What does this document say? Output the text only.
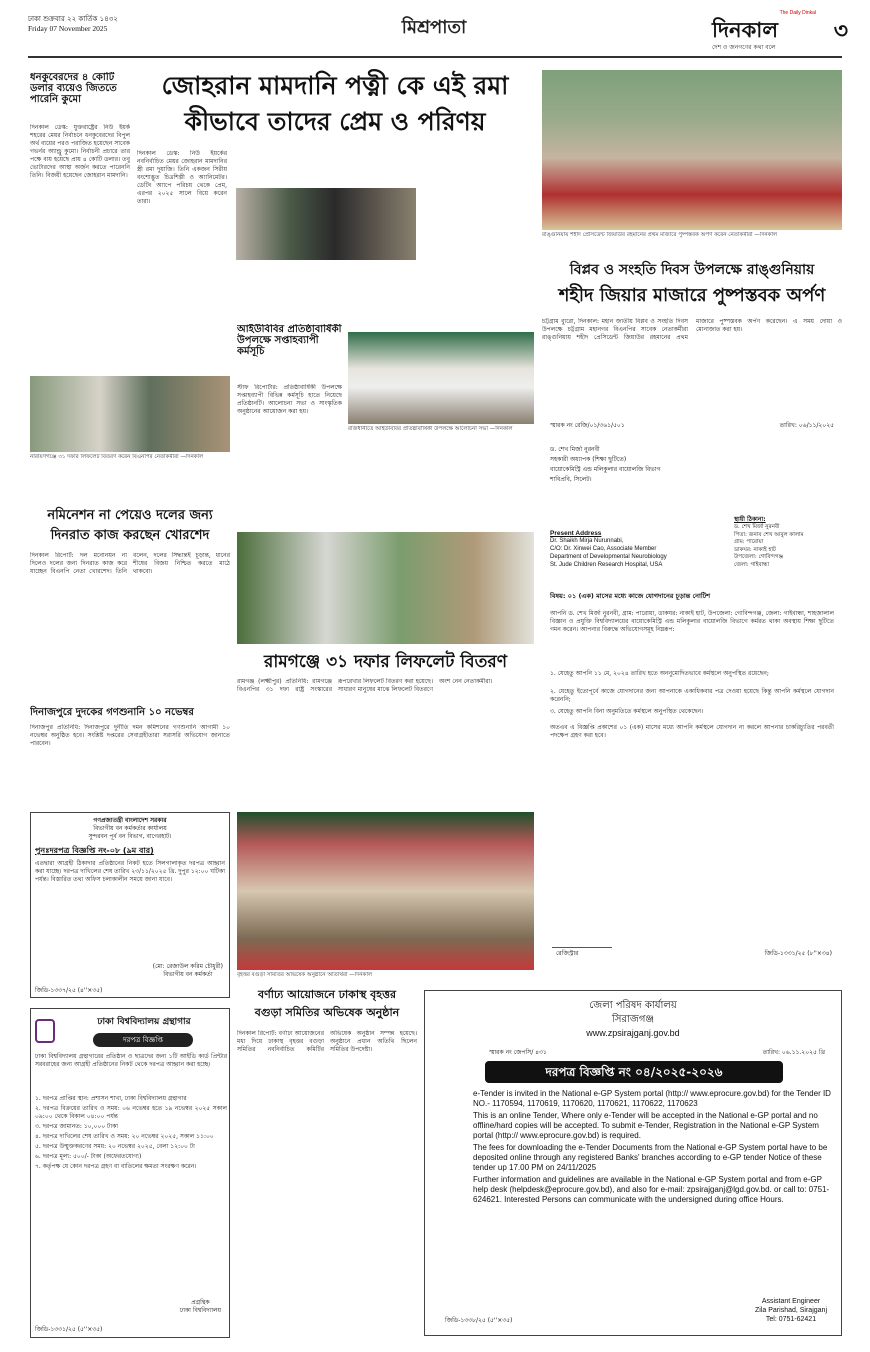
ঢাকা শুক্রবার ২২ কার্তিক ১৪৩২
Friday 07 November 2025	মিশ্রপাতা
The Daily Dinkal
দিনকাল	৩
দেশ ও জনগণের কথা বলে
ধনকুবেরদের ৪ কোটি ডলার ব্যয়েও জিততে পারেনি কুমো
দিনকাল ডেস্ক: যুক্তরাষ্ট্রের নিউ ইয়র্ক শহরের মেয়র নির্বাচনে ধনকুবেরদের বিপুল অর্থ ব্যয়ের পরও পরাজিত হয়েছেন সাবেক গভর্নর অ্যান্ড্রু কুমো। নির্বাচনী প্রচারে তার পক্ষে ব্যয় হয়েছে প্রায় ৪ কোটি ডলার। তবু ভোটারদের আস্থা অর্জন করতে পারেননি তিনি। বিজয়ী হয়েছেন জোহরান মামদানি।
জোহরান মামদানি পত্নী কে এই রমা
কীভাবে তাদের প্রেম ও পরিণয়
দিনকাল ডেস্ক: নিউ ইয়র্কের নবনির্বাচিত মেয়র জোহরান মামদানির স্ত্রী রমা দুয়াজি। তিনি একজন সিরীয় বংশোদ্ভূত চিত্রশিল্পী ও অ্যানিমেটর। ডেটিং অ্যাপে পরিচয় থেকে প্রেম, এরপর ২০২৫ সালে বিয়ে করেন তারা।
রাঙ্গুনিয়ায় শহীদ প্রেসিডেন্ট জিয়াউর রহমানের প্রথম মাজারে পুষ্পস্তবক অর্পণ করেন নেতাকর্মীরা —দিনকাল
নারায়ণগঞ্জে ৩১ দফার লিফলেট বিতরণ করেন বিএনপির নেতাকর্মীরা —দিনকাল
আইউবিবির প্রতিষ্ঠাবার্ষিকী উপলক্ষে সপ্তাহব্যাপী কর্মসূচি
স্টাফ রিপোর্টার: প্রতিষ্ঠাবার্ষিকী উপলক্ষে সপ্তাহব্যাপী বিভিন্ন কর্মসূচি হাতে নিয়েছে প্রতিষ্ঠানটি। আলোচনা সভা ও সাংস্কৃতিক অনুষ্ঠানের আয়োজন করা হয়।
রাজধানীতে আইউবিবির প্রতিষ্ঠাবার্ষিকী উপলক্ষে আলোচনা সভা —দিনকাল
বিপ্লব ও সংহতি দিবস উপলক্ষে রাঙ্গুনিয়ায়
শহীদ জিয়ার মাজারে পুষ্পস্তবক অর্পণ
চট্টগ্রাম ব্যুরো, দিনকাল: মহান জাতীয় বিপ্লব ও সংহতি দিবস উপলক্ষে চট্টগ্রাম মহানগর বিএনপির সাবেক নেতাকর্মীরা রাঙ্গুনিয়ায় শহীদ প্রেসিডেন্ট জিয়াউর রহমানের প্রথম মাজারে পুষ্পস্তবক অর্পণ করেছেন। এ সময় দোয়া ও মোনাজাত করা হয়।
নমিনেশন না পেয়েও দলের জন্য
দিনরাত কাজ করছেন খোরশেদ
দিনকাল রিপোর্ট: দল মনোনয়ন না দিলেও দলের জন্য দিনরাত কাজ করে যাচ্ছেন বিএনপি নেতা খোরশেদ। তিনি বলেন, দলের সিদ্ধান্তই চূড়ান্ত, ধানের শীষের বিজয় নিশ্চিত করতে মাঠে থাকবো।
দিনাজপুরে দুদকের গণশুনানি ১০ নভেম্বর
দিনাজপুর প্রতিনিধি: দিনাজপুরে দুর্নীতি দমন কমিশনের গণশুনানি আগামী ১০ নভেম্বর অনুষ্ঠিত হবে। সংশ্লিষ্ট দপ্তরের সেবাগ্রহীতারা সরাসরি অভিযোগ জানাতে পারবেন।
রামগঞ্জে ৩১ দফার লিফলেট বিতরণ
রামগঞ্জ (লক্ষ্মীপুর) প্রতিনিধি: রামগঞ্জে বিএনপির ৩১ দফা রাষ্ট্র সংস্কারের রূপরেখার লিফলেট বিতরণ করা হয়েছে। সাধারণ মানুষের মাঝে লিফলেট বিতরণে অংশ নেন নেতাকর্মীরা।
স্মারক নং রেজি/০১/৩৬১/৫০১	তারিখ: ০৬/১১/২০২৫
ড. শেখ মির্জা নুরনবী
সহকারী অধ্যাপক (শিক্ষা ছুটিতে)
বায়োকেমিস্ট্রি এন্ড মলিকুলার বায়োলজি বিভাগ
শাবিপ্রবি, সিলেট।
Present Address
Dr. Shaikh Mirja Nurunnabi,
C/O: Dr. Xinwei Cao, Associate Member
Department of Developmental Neurobiology
St. Jude Children Research Hospital, USA
স্থায়ী ঠিকানা:
ড. শেখ মির্জা নুরনবী
পিতা: জনাব শেখ আবুল কালাম
গ্রাম: পারোয়া
ডাকঘর: নাকাই হাট
উপজেলা: গোবিন্দগঞ্জ
জেলা: গাইবান্ধা
বিষয়: ০১ (এক) মাসের মধ্যে কাজে যোগদানের চূড়ান্ত নোটিশ
আপনি ড. শেখ মির্জা নুরনবী, গ্রাম: পারোয়া, ডাকঘর: নাকাই হাট, উপজেলা: গোবিন্দগঞ্জ, জেলা: গাইবান্ধা, শাহজালাল বিজ্ঞান ও প্রযুক্তি বিশ্ববিদ্যালয়ের বায়োকেমিস্ট্রি এন্ড মলিকুলার বায়োলজি বিভাগে কর্মরত থাকা অবস্থায় শিক্ষা ছুটিতে গমন করেন। আপনার বিরুদ্ধে অভিযোগসমূহ নিম্নরূপ:
১. যেহেতু আপনি ১১ মে, ২০২৪ তারিখ হতে অননুমোদিতভাবে কর্মস্থলে অনুপস্থিত রয়েছেন;
২. যেহেতু ইতোপূর্বে কাজে যোগদানের জন্য আপনাকে একাধিকবার পত্র দেওয়া হয়েছে কিন্তু আপনি কর্মস্থলে যোগদান করেননি;
৩. যেহেতু আপনি বিনা অনুমতিতে কর্মস্থলে অনুপস্থিত থেকেছেন।
অতএব এ বিজ্ঞপ্তি প্রকাশের ০১ (এক) মাসের মধ্যে আপনি কর্মস্থলে যোগদান না করলে আপনার চাকরিচ্যুতির পরবর্তী পদক্ষেপ গ্রহণ করা হবে।
রেজিস্ট্রার	জিডি-১৩৩১/২৫ (৮''×৩৪)
গণপ্রজাতন্ত্রী বাংলাদেশ সরকার
বিভাগীয় বন কর্মকর্তার কার্যালয়
সুন্দরবন পূর্ব বন বিভাগ, বাগেরহাট।
পুনঃদরপত্র বিজ্ঞপ্তি নং-০৮ (৯ম বার)
এতদ্বারা আগ্রহী ঠিকাদার প্রতিষ্ঠানের নিকট হতে সিলগালাকৃত দরপত্র আহ্বান করা যাচ্ছে। দরপত্র দাখিলের শেষ তারিখ ২৩/১১/২০২৫ খ্রি. দুপুর ১২:০০ ঘটিকা পর্যন্ত। বিস্তারিত তথ্য অফিস চলাকালীন সময়ে জানা যাবে।
(মো: রেজাউল করিম চৌধুরী)
বিভাগীয় বন কর্মকর্তা
জিডি-১৩৩৭/২৫ (৪''×৩৫)
বৃহত্তর বগুড়া সমিতির অভিষেক অনুষ্ঠানে অতিথিরা —দিনকাল
বর্ণাঢ্য আয়োজনে ঢাকাস্থ বৃহত্তর
বগুড়া সমিতির অভিষেক অনুষ্ঠান
দিনকাল রিপোর্ট: বর্ণাঢ্য আয়োজনের মধ্য দিয়ে ঢাকাস্থ বৃহত্তর বগুড়া সমিতির নবনির্বাচিত কমিটির অভিষেক অনুষ্ঠান সম্পন্ন হয়েছে। অনুষ্ঠানে প্রধান অতিথি ছিলেন সমিতির উপদেষ্টা।
ঢাকা বিশ্ববিদ্যালয় গ্রন্থাগার
দরপত্র বিজ্ঞপ্তি
ঢাকা বিশ্ববিদ্যালয় গ্রন্থাগারের প্রতিষ্ঠান ও ছাত্রদের জন্য ১টি আইডি কার্ড প্রিন্টার সরবরাহের জন্য আগ্রহী প্রতিষ্ঠানের নিকট থেকে দরপত্র আহ্বান করা হচ্ছে।
১. দরপত্র প্রাপ্তির স্থান: প্রশাসন শাখা, ঢাকা বিশ্ববিদ্যালয় গ্রন্থাগার
২. দরপত্র বিক্রয়ের তারিখ ও সময়: ০৬ নভেম্বর হতে ১৯ নভেম্বর ২০২৫ সকাল ০৯:০০ থেকে বিকাল ০৪:০০ পর্যন্ত
৩. দরপত্র জামানত: ১০,০০০ টাকা
৪. দরপত্র দাখিলের শেষ তারিখ ও সময়: ২০ নভেম্বর ২০২৫, সকাল ১১:০০
৫. দরপত্র উন্মুক্তকরণের সময়: ২০ নভেম্বর ২০২৫, বেলা ১২:০০ টা
৬. দরপত্র মূল্য: ৫০০/- টাকা (অফেরতযোগ্য)
৭. কর্তৃপক্ষ যে কোন দরপত্র গ্রহণ বা বাতিলের ক্ষমতা সংরক্ষণ করেন।
প্রগ্রন্থিক
ঢাকা বিশ্ববিদ্যালয়
জিডি-১৩৩১/২৫ (৫''×৩৫)
জেলা পরিষদ কার্যালয়
সিরাজগঞ্জ
www.zpsirajganj.gov.bd
স্মারক নং জেপসি/ ৪৩১	তারিখ: ০৬.১১.২০২৫ খ্রি
দরপত্র বিজ্ঞপ্তি নং ০৪/২০২৫-২০২৬
e-Tender is invited in the National e-GP System portal (http:// www.eprocure.gov.bd) for the Tender ID NO.- 1170594, 1170619, 1170620, 1170621, 1170622, 1170623
This is an online Tender, Where only e-Tender will be accepted in the National e-GP portal and no offline/hard copies will be accepted. To submit e-Tender, Registration in the National e-GP System portal (http:// www.eprocure.gov.bd) is required.
The fees for downloading the e-Tender Documents from the National e-GP System portal have to be deposited online through any registered Banks' branches according to e-GP tender Notice of these tender up 17.00 PM on 24/11/2025
Further information and guidelines are available in the National e-GP System portal and from e-GP help desk (helpdesk@eprocure.gov.bd), and also for e-mail: zpsirajganj@lgd.gov.bd. or call to: 0751-624621. Interested Persons can communicate with the undersigned during office Hours.
Assistant Engineer
Zila Parishad, Sirajganj
Tel: 0751-62421
জিডি-১৩৩৮/২৫ (৫''×৩৫)
